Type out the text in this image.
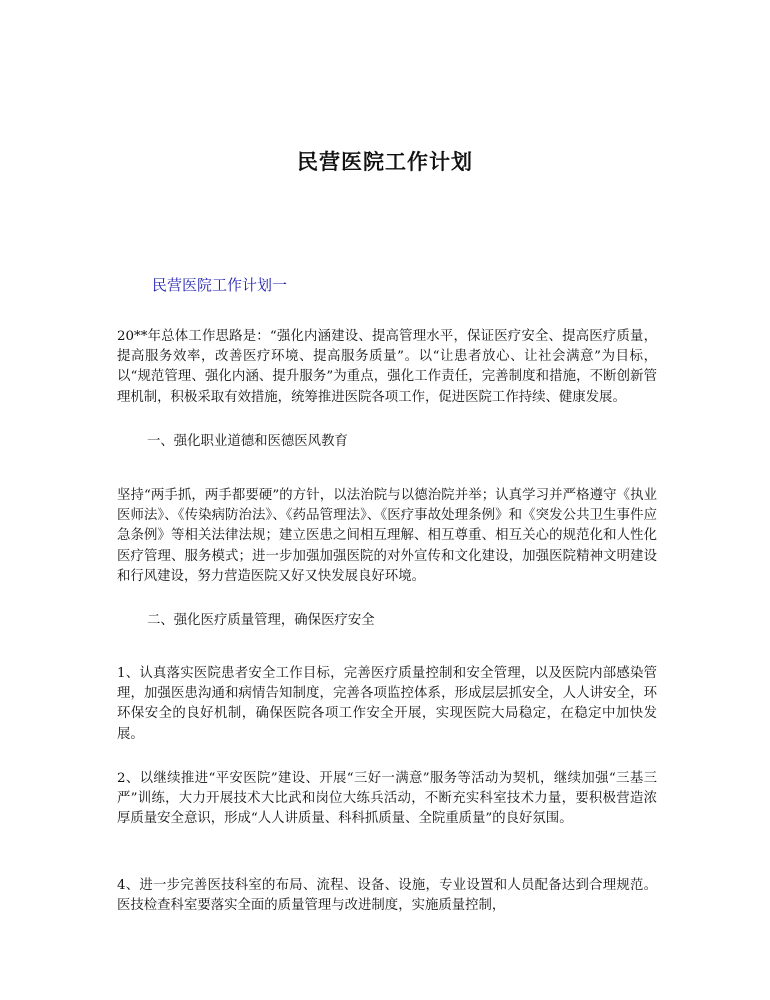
民营医院工作计划
民营医院工作计划一

20**年总体工作思路是：“强化内涵建设、提高管理水平，保证医疗安全、提高医疗质量，提高服务效率，改善医疗环境、提高服务质量”。以“让患者放心、让社会满意”为目标，以“规范管理、强化内涵、提升服务”为重点，强化工作责任，完善制度和措施，不断创新管理机制，积极采取有效措施，统筹推进医院各项工作，促进医院工作持续、健康发展。

一、强化职业道德和医德医风教育

坚持“两手抓，两手都要硬”的方针，以法治院与以德治院并举；认真学习并严格遵守《执业医师法》、《传染病防治法》、《药品管理法》、《医疗事故处理条例》和《突发公共卫生事件应急条例》等相关法律法规；建立医患之间相互理解、相互尊重、相互关心的规范化和人性化医疗管理、服务模式；进一步加强加强医院的对外宣传和文化建设，加强医院精神文明建设和行风建设，努力营造医院又好又快发展良好环境。

二、强化医疗质量管理，确保医疗安全

1、认真落实医院患者安全工作目标，完善医疗质量控制和安全管理，以及医院内部感染管理，加强医患沟通和病情告知制度，完善各项监控体系，形成层层抓安全，人人讲安全，环环保安全的良好机制，确保医院各项工作安全开展，实现医院大局稳定，在稳定中加快发展。

2、以继续推进“平安医院”建设、开展“三好一满意”服务等活动为契机，继续加强“三基三严”训练，大力开展技术大比武和岗位大练兵活动，不断充实科室技术力量，要积极营造浓厚质量安全意识，形成“人人讲质量、科科抓质量、全院重质量”的良好氛围。

4、进一步完善医技科室的布局、流程、设备、设施，专业设置和人员配备达到合理规范。医技检查科室要落实全面的质量管理与改进制度，实施质量控制，
